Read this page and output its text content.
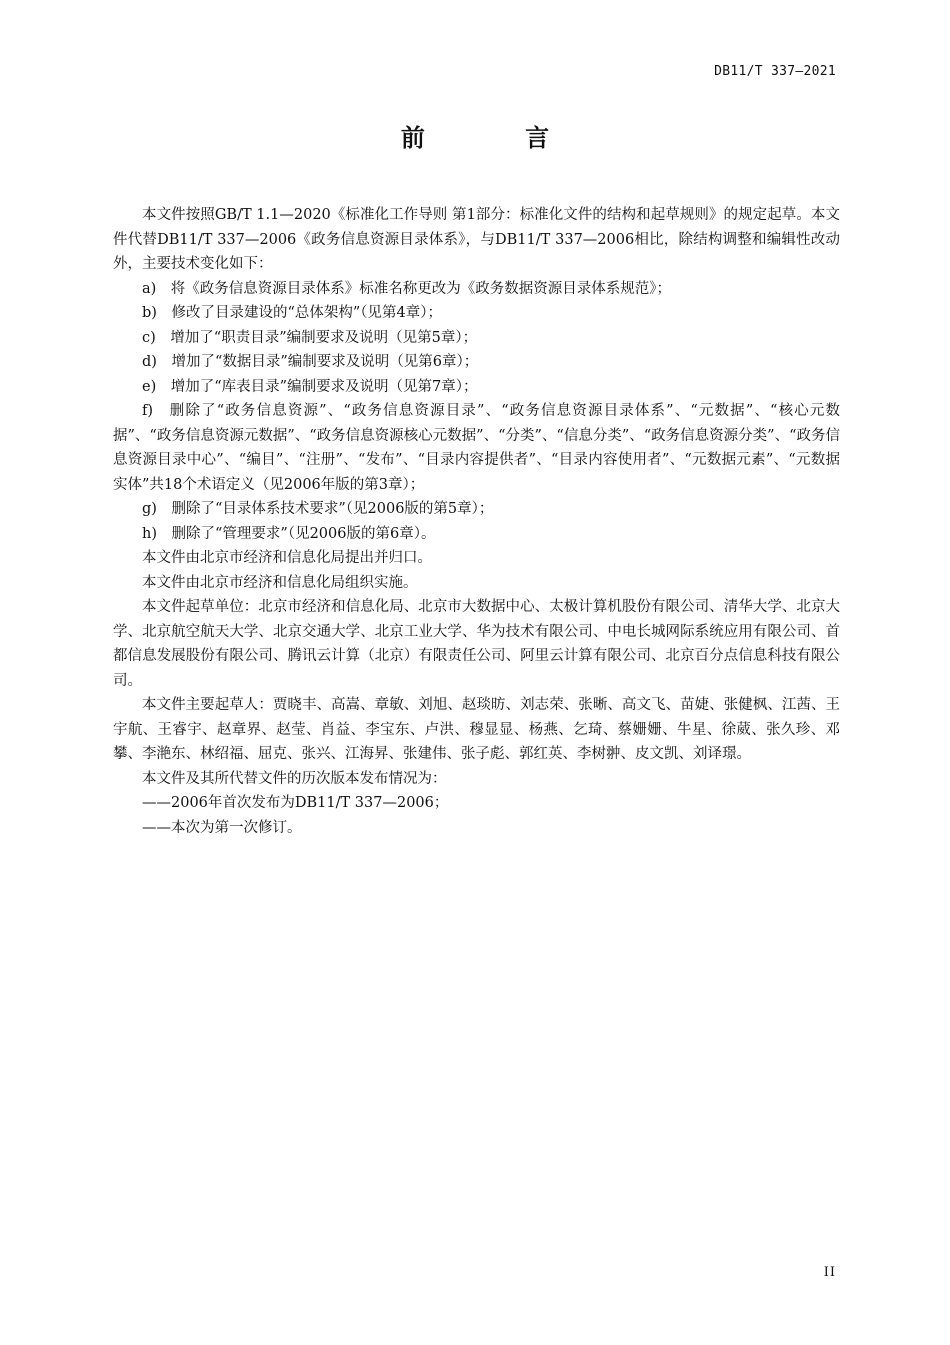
DB11/T 337—2021
前 言

本文件按照GB/T 1.1—2020《标准化工作导则 第1部分：标准化文件的结构和起草规则》的规定起草。本文件代替DB11/T 337—2006《政务信息资源目录体系》，与DB11/T 337—2006相比，除结构调整和编辑性改动外，主要技术变化如下：

a)　将《政务信息资源目录体系》标准名称更改为《政务数据资源目录体系规范》；

b)　修改了目录建设的“总体架构”（见第4章）；

c)　增加了“职责目录”编制要求及说明（见第5章）；

d)　增加了“数据目录”编制要求及说明（见第6章）；

e)　增加了“库表目录”编制要求及说明（见第7章）；

f)　删除了“政务信息资源”、“政务信息资源目录”、“政务信息资源目录体系”、“元数据”、“核心元数据”、“政务信息资源元数据”、“政务信息资源核心元数据”、“分类”、“信息分类”、“政务信息资源分类”、“政务信息资源目录中心”、“编目”、“注册”、“发布”、“目录内容提供者”、“目录内容使用者”、“元数据元素”、“元数据实体”共18个术语定义（见2006年版的第3章）；

g)　删除了“目录体系技术要求”（见2006版的第5章）；

h)　删除了“管理要求”（见2006版的第6章）。

本文件由北京市经济和信息化局提出并归口。

本文件由北京市经济和信息化局组织实施。

本文件起草单位：北京市经济和信息化局、北京市大数据中心、太极计算机股份有限公司、清华大学、北京大学、北京航空航天大学、北京交通大学、北京工业大学、华为技术有限公司、中电长城网际系统应用有限公司、首都信息发展股份有限公司、腾讯云计算（北京）有限责任公司、阿里云计算有限公司、北京百分点信息科技有限公司。

本文件主要起草人：贾晓丰、高嵩、章敏、刘旭、赵琰昉、刘志荣、张晰、高文飞、苗婕、张健枫、江茜、王宇航、王睿宇、赵章界、赵莹、肖益、李宝东、卢洪、穆显显、杨燕、乞琦、蔡姗姗、牛星、徐葳、张久珍、邓攀、李滟东、林绍福、屈克、张兴、江海昇、张建伟、张子彪、郭红英、李树翀、皮文凯、刘译璟。

本文件及其所代替文件的历次版本发布情况为：

——2006年首次发布为DB11/T 337—2006；

——本次为第一次修订。

II
